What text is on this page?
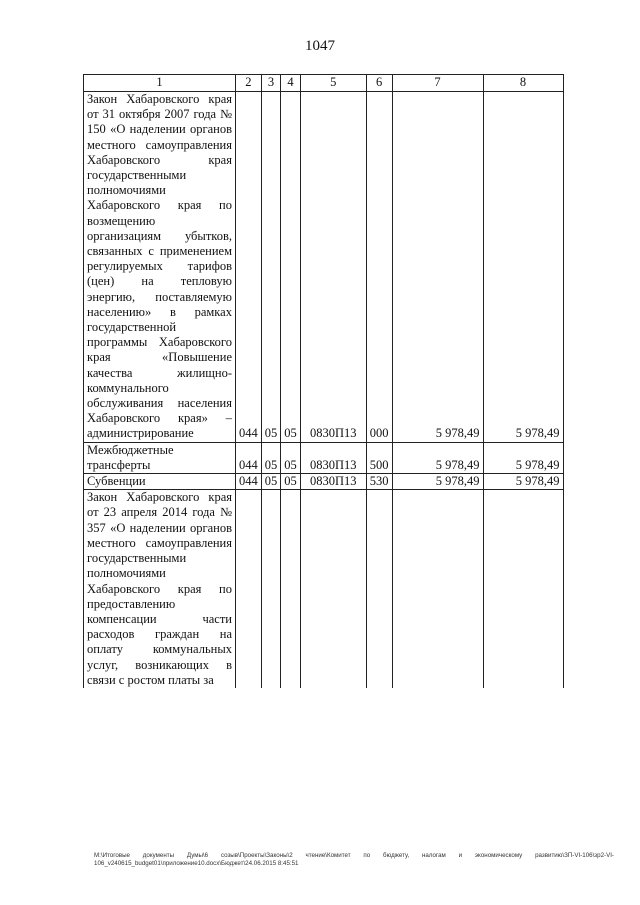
1047
1	2	3	4	5	6	7	8
Закон Хабаровского края от 31 октября 2007 года № 150 «О наделении органов местного самоуправления Хабаровского края государственными полномочиями Хабаровского края по возмещению организациям убытков, связанных с применением регулируемых тарифов (цен) на тепловую энергию, поставляемую населению» в рамках государственной программы Хабаровского края «Повышение качества жилищно- коммунального обслуживания населения Хабаровского края» – администрирование	044	05	05	0830П13	000	5 978,49	5 978,49
Межбюджетные трансферты	044	05	05	0830П13	500	5 978,49	5 978,49
Субвенции	044	05	05	0830П13	530	5 978,49	5 978,49
Закон Хабаровского края от 23 апреля 2014 года № 357 «О наделении органов местного самоуправления государственными полномочиями Хабаровского края по предоставлению компенсации части расходов граждан на оплату коммунальных услуг, возникающих в связи с ростом платы за							
M:\Итоговые документы Думы\6 созыв\Проекты\Законы\2 чтение\Комитет по бюджету, налогам и экономическому развитию\ЗП-VI-106\зр2-VI-106_v240615_budget01\приложение10.docx\Бюджет\24.06.2015 8:45:51
